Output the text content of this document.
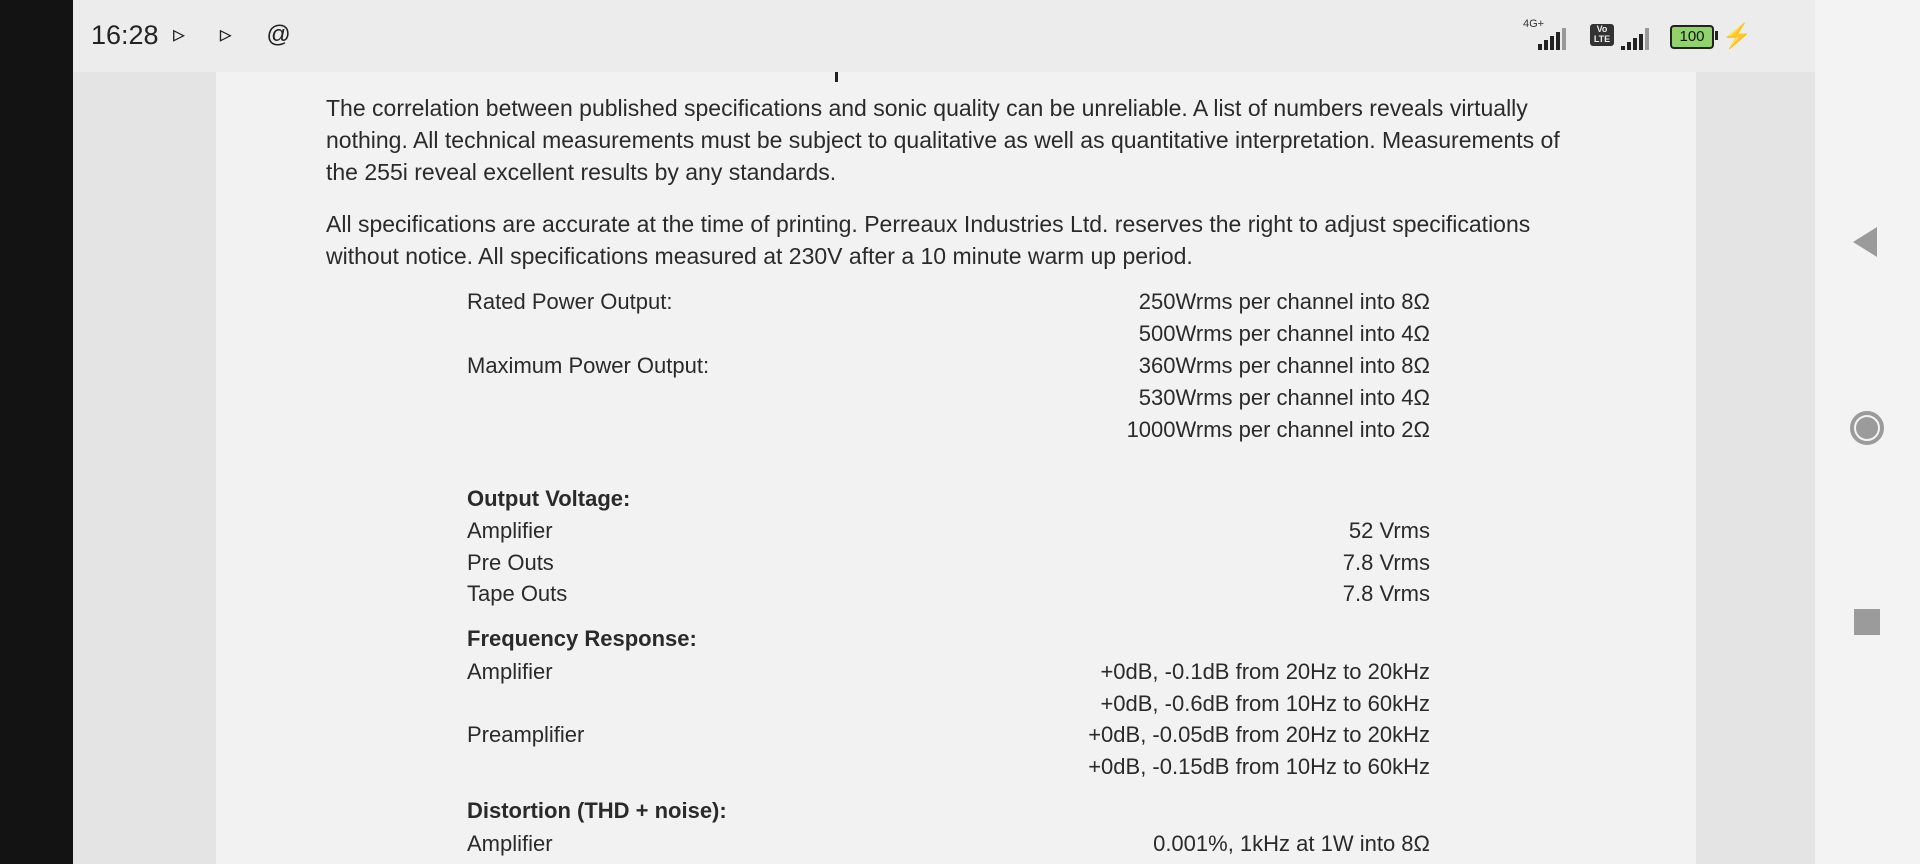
16:28 ▹ ▹ @	4G+	Vo LTE	100 ⚡

The correlation between published specifications and sonic quality can be unreliable. A list of numbers reveals virtually nothing. All technical measurements must be subject to qualitative as well as quantitative interpretation. Measurements of the 255i reveal excellent results by any standards.

All specifications are accurate at the time of printing. Perreaux Industries Ltd. reserves the right to adjust specifications without notice. All specifications measured at 230V after a 10 minute warm up period.

Rated Power Output:	250Wrms per channel into 8Ω
500Wrms per channel into 4Ω
Maximum Power Output:	360Wrms per channel into 8Ω
530Wrms per channel into 4Ω
1000Wrms per channel into 2Ω
Output Voltage:
Amplifier	52 Vrms
Pre Outs	7.8 Vrms
Tape Outs	7.8 Vrms
Frequency Response:
Amplifier	+0dB, -0.1dB from 20Hz to 20kHz
+0dB, -0.6dB from 10Hz to 60kHz
Preamplifier	+0dB, -0.05dB from 20Hz to 20kHz
+0dB, -0.15dB from 10Hz to 60kHz
Distortion (THD + noise):
Amplifier	0.001%, 1kHz at 1W into 8Ω
